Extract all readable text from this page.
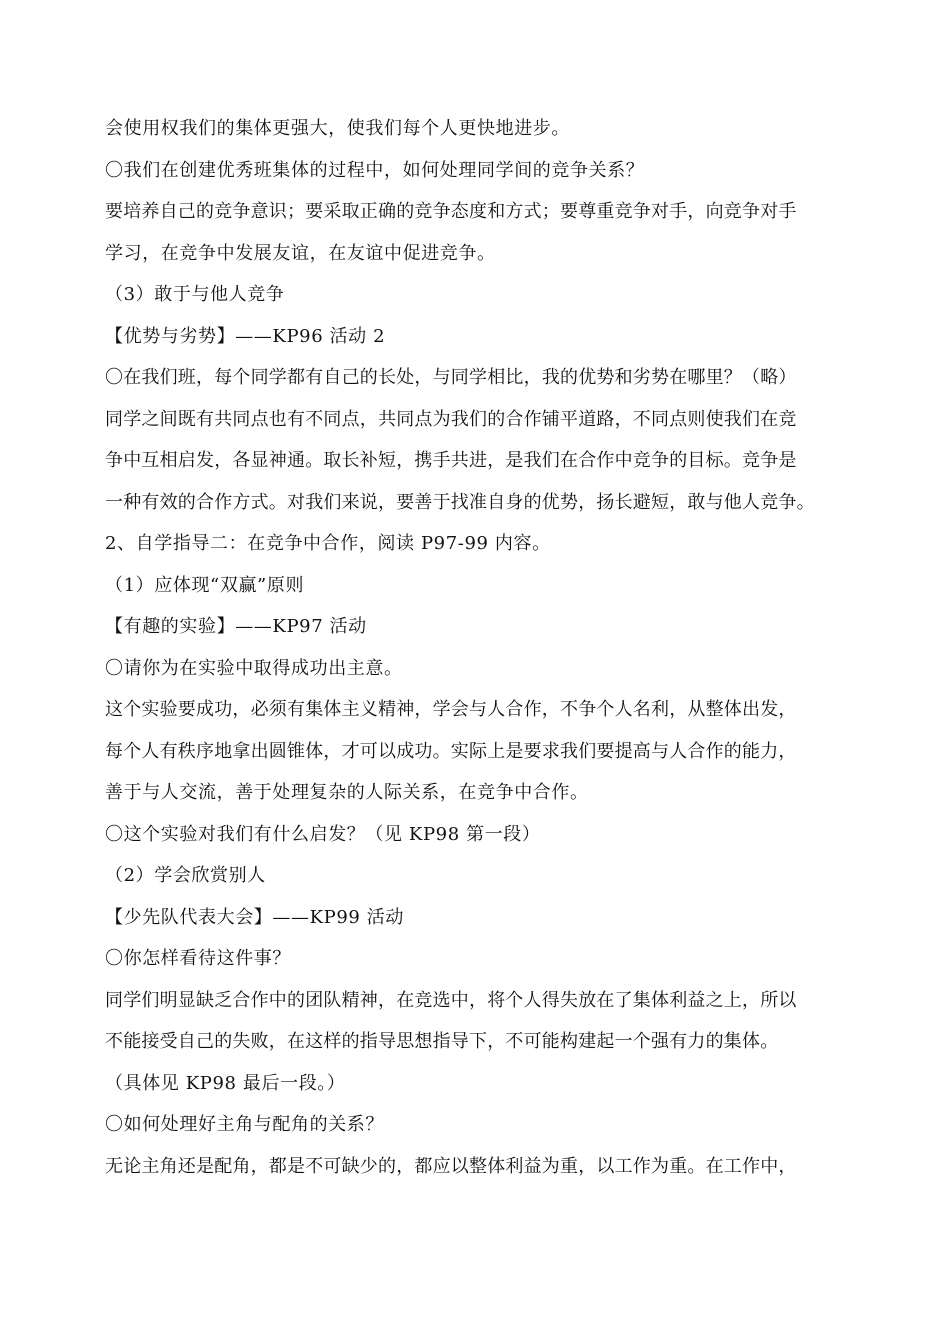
会使用权我们的集体更强大，使我们每个人更快地进步。
〇我们在创建优秀班集体的过程中，如何处理同学间的竞争关系？
要培养自己的竞争意识；要采取正确的竞争态度和方式；要尊重竞争对手，向竞争对手
学习，在竞争中发展友谊，在友谊中促进竞争。
（3）敢于与他人竞争
【优势与劣势】——KP96 活动 2
〇在我们班，每个同学都有自己的长处，与同学相比，我的优势和劣势在哪里？（略）
同学之间既有共同点也有不同点，共同点为我们的合作铺平道路，不同点则使我们在竞
争中互相启发，各显神通。取长补短，携手共进，是我们在合作中竞争的目标。竞争是
一种有效的合作方式。对我们来说，要善于找准自身的优势，扬长避短，敢与他人竞争。
2、自学指导二：在竞争中合作，阅读 P97-99 内容。
（1）应体现“双赢”原则
【有趣的实验】——KP97 活动
〇请你为在实验中取得成功出主意。
这个实验要成功，必须有集体主义精神，学会与人合作，不争个人名利，从整体出发，
每个人有秩序地拿出圆锥体，才可以成功。实际上是要求我们要提高与人合作的能力，
善于与人交流，善于处理复杂的人际关系，在竞争中合作。
〇这个实验对我们有什么启发？（见 KP98 第一段）
（2）学会欣赏别人
【少先队代表大会】——KP99 活动
〇你怎样看待这件事？
同学们明显缺乏合作中的团队精神，在竞选中，将个人得失放在了集体利益之上，所以
不能接受自己的失败，在这样的指导思想指导下，不可能构建起一个强有力的集体。
（具体见 KP98 最后一段。）
〇如何处理好主角与配角的关系？
无论主角还是配角，都是不可缺少的，都应以整体利益为重，以工作为重。在工作中，
